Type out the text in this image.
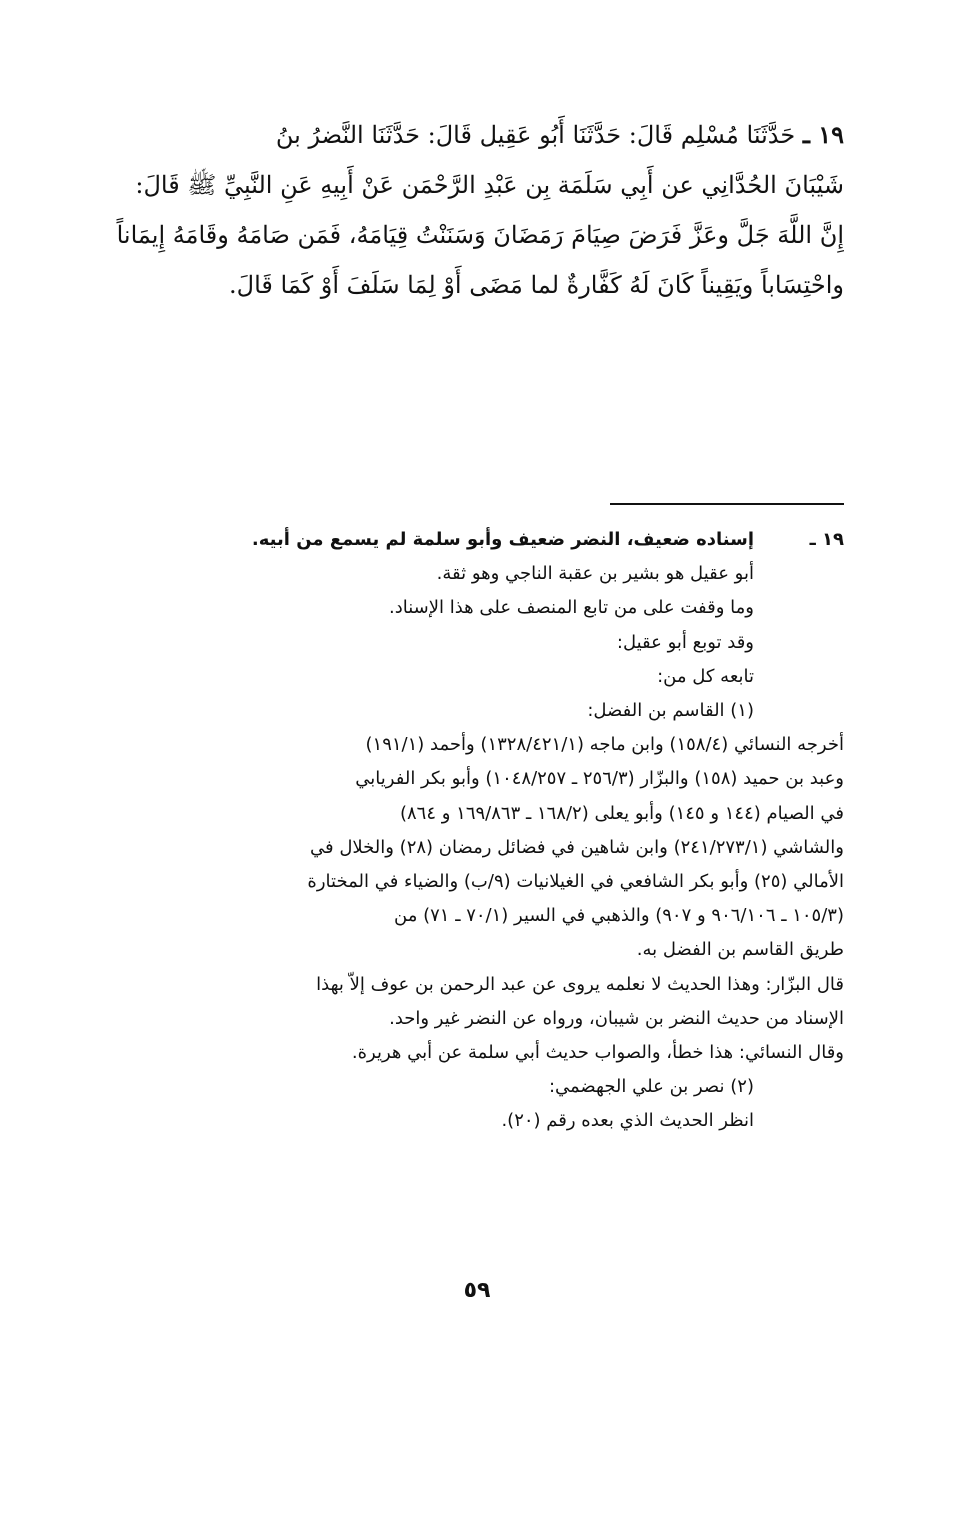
١٩ ـ حَدَّثَنَا مُسْلِم قَالَ: حَدَّثَنَا أَبُو عَقِيل قَالَ: حَدَّثَنَا النَّضرُ بنُ
شَيْبَانَ الحُدَّانِي عن أَبِي سَلَمَة بِن عَبْدِ الرَّحْمَن عَنْ أَبِيهِ عَنِ النَّبِيِّ ﷺ قَالَ:
إِنَّ اللَّهَ جَلَّ وعَزَّ فَرَضَ صِيَامَ رَمَضَانَ وَسَنَنْتُ قِيَامَهُ، فَمَن صَامَهُ وقَامَهُ إِيمَاناً
واحْتِسَاباً ويَقِيناً كَانَ لَهُ كَفَّارةٌ لما مَضَى أَوْ لِمَا سَلَفَ أَوْ كَمَا قَالَ.
١٩ ـ
إسناده ضعيف، النضر ضعيف وأبو سلمة لم يسمع من أبيه.
أبو عقيل هو بشير بن عقبة الناجي وهو ثقة.
وما وقفت على من تابع المنصف على هذا الإسناد.
وقد توبع أبو عقيل:
تابعه كل من:
(١) القاسم بن الفضل:
أخرجه النسائي (١٥٨/٤) وابن ماجه (١٣٢٨/٤٢١/١) وأحمد (١٩١/١)
وعبد بن حميد (١٥٨) والبزّار (٢٥٦/٣ ـ ١٠٤٨/٢٥٧) وأبو بكر الفريابي
في الصيام (١٤٤ و ١٤٥) وأبو يعلى (١٦٨/٢ ـ ١٦٩/٨٦٣ و ٨٦٤)
والشاشي (٢٤١/٢٧٣/١) وابن شاهين في فضائل رمضان (٢٨) والخلال في
الأمالي (٢٥) وأبو بكر الشافعي في الغيلانيات (٩/ب) والضياء في المختارة
(١٠٥/٣ ـ ٩٠٦/١٠٦ و ٩٠٧) والذهبي في السير (٧٠/١ ـ ٧١) من
طريق القاسم بن الفضل به.
قال البزّار: وهذا الحديث لا نعلمه يروى عن عبد الرحمن بن عوف إلاّ بهذا
الإسناد من حديث النضر بن شيبان، ورواه عن النضر غير واحد.
وقال النسائي: هذا خطأ، والصواب حديث أبي سلمة عن أبي هريرة.
(٢) نصر بن علي الجهضمي:
انظر الحديث الذي بعده رقم (٢٠).
٥٩
